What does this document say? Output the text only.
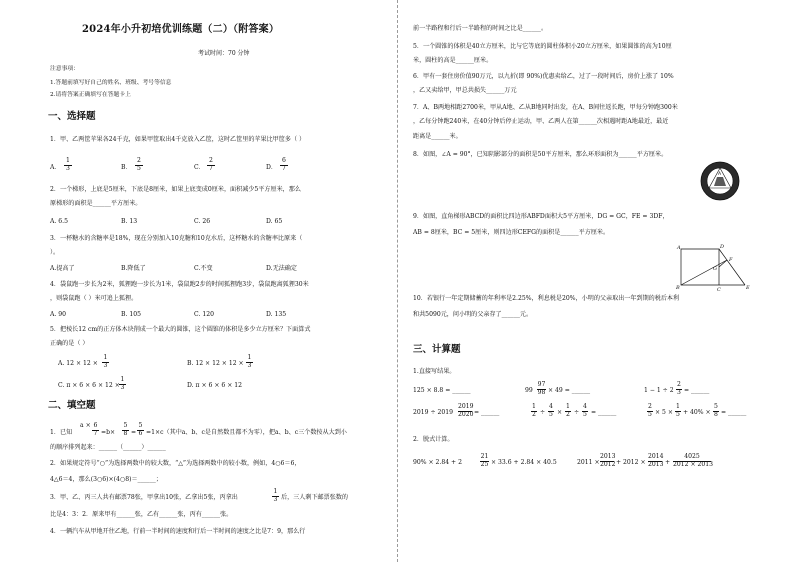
2024年小升初培优训练题（二）（附答案）
考试时间：70 分钟
注意事项：
1.答题前填写好自己的姓名、班级、考号等信息
2.请将答案正确填写在答题卡上
一、选择题
1．甲、乙两筐苹果各24千克，如果甲筐取出4千克放入乙筐，这时乙筐里的苹果比甲筐多（ ）
A．
1
3	B．
2
5	C．
2
7	D．
6
7
2．一个梯形，上底是5厘米，下底是8厘米，如果上底变成0厘米，面积减少5平方厘米，那么
原梯形的面积是______平方厘米。
A. 6.5	B. 13	C. 26	D. 65
3．一杯糖水的含糖率是18%，现在分别加入10克糖和10克水后，这杯糖水的含糖率比原来（
）。
A.提高了	B.降低了	C.不变	D.无法确定
4．袋鼠跑一步长为2米，狐狸跑一步长为1米，袋鼠跑2步的时间狐狸跑3步，袋鼠跑离狐狸30米
，则袋鼠跑（ ）米可追上狐狸。
A. 90	B. 105	C. 120	D. 135
5．把棱长12 cm的正方体木块削成一个最大的圆锥，这个圆锥的体积是多少立方厘米？下面算式
正确的是（ ）
A. 12 × 12 ×
1
3	B. 12 × 12 × 12 ×
1
3
C. π × 6 × 6 × 12 ×
1
3	D. π × 6 × 6 × 12
二、填空题
1．已知
a × 6
7 =b×
5
8 =
5
6 =1×c（其中a、b、c是自然数且都不为零），把a、b、c三个数按从大到小
的顺序排列起来：______（______）______
2．如果规定符号“○”为选择两数中的较大数，“△”为选择两数中的较小数，例如，4○6＝6，
4△6＝4，那么(3○6)×(4○8)＝______；
3．甲、乙、丙三人共有邮票78张，甲拿出10张，乙拿出5张，丙拿出
1
3 后，三人剩下邮票张数的
比是4：3：2．原来甲有______张，乙有______张，丙有______张。
4．一辆汽车从甲地开往乙地，行前一半时间的速度和行后一半时间的速度之比是7：9，那么行
前一半路程和行后一半路程的时间之比是______。
5．一个圆锥的体积是40立方厘米，比与它等底的圆柱体积小20立方厘米，如果圆锥的高为10厘
米，圆柱的高是______厘米。
6．甲有一套住房价值90万元，以九折(即 90%)优惠卖给乙，过了一段时间后，房价上涨了 10%
，乙又卖给甲，甲总共损失______万元
7．A、B两地相距2700米，甲从A地、乙从B地同时出发，在A、B间往返长跑，甲每分钟跑300米
，乙每分钟跑240米，在40分钟后停止运动，甲、乙两人在第______次相遇时距A地最近，最近
距离是______米。
8．如图，∠A = 90°，已知阴影部分的面积是50平方厘米，那么环形面积为______平方厘米。
A
9．如图，直角梯形ABCD的面积比四边形ABFD面积大5平方厘米，DG = GC，FE = 3DF，
AB = 8厘米，BC = 5厘米，则四边形CEFG的面积是______平方厘米。
A	D
G
F
B	C	E
10．若银行一年定期储蓄的年利率是2.25%，利息税是20%，小明的父亲取出一年到期的税后本利
和共5090元，问小明的父亲存了______元。
三、计算题
1.直接写结果。
125 × 8.8 = ______	99
97
98 × 49 = ______	1 − 1 ÷ 2
2
3 = ______
2019 ÷ 2019
2019
2020 = ______
1
2 ÷
4
5 ×
1
2 ÷
4
5 = ______
2
5 × 5 ×
1
5 + 40% ×
5
8 = ______
2．脱式计算。
90% × 2.84 + 2
21
25 × 33.6 + 2.84 × 40.5	2011 ×
2013
2012 + 2012 ×
2014
2013 +
4025
2012 × 2013
